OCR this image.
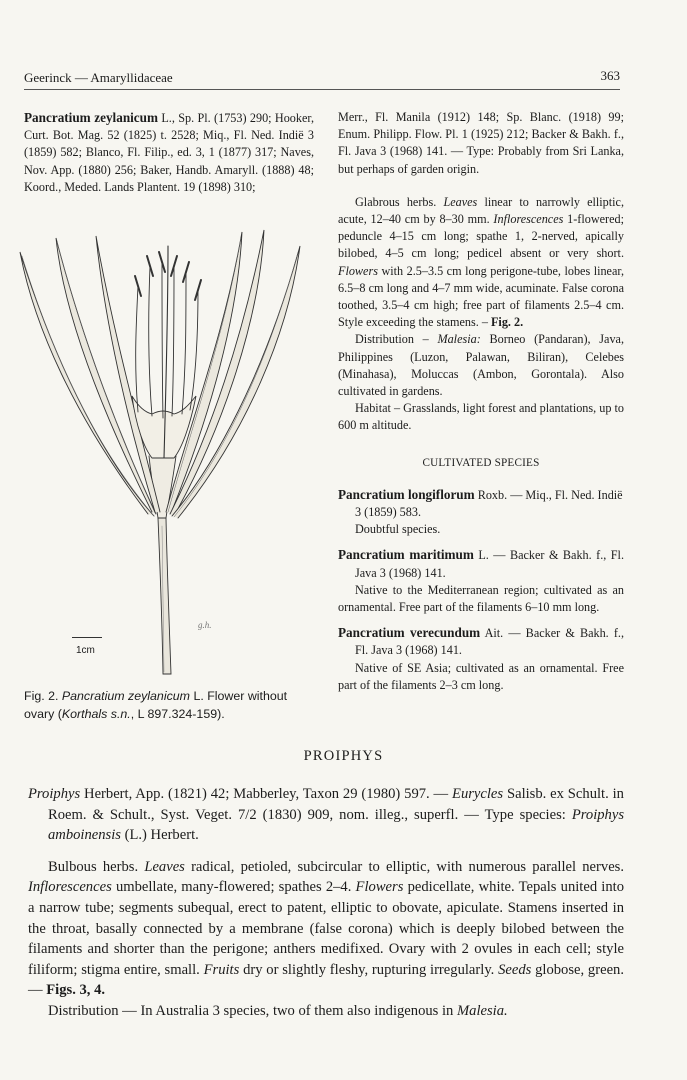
Geerinck — Amaryllidaceae	363

Pancratium zeylanicum L., Sp. Pl. (1753) 290; Hooker, Curt. Bot. Mag. 52 (1825) t. 2528; Miq., Fl. Ned. Indië 3 (1859) 582; Blanco, Fl. Filip., ed. 3, 1 (1877) 317; Naves, Nov. App. (1880) 256; Baker, Handb. Amaryll. (1888) 48; Koord., Meded. Lands Plantent. 19 (1898) 310;

1cm
g.h.
Fig. 2. Pancratium zeylanicum L. Flower without ovary (Korthals s.n., L 897.324-159).

Merr., Fl. Manila (1912) 148; Sp. Blanc. (1918) 99; Enum. Philipp. Flow. Pl. 1 (1925) 212; Backer & Bakh. f., Fl. Java 3 (1968) 141. — Type: Probably from Sri Lanka, but perhaps of garden origin.

Glabrous herbs. Leaves linear to narrowly elliptic, acute, 12–40 cm by 8–30 mm. Inflorescences 1-flowered; peduncle 4–15 cm long; spathe 1, 2-nerved, apically bilobed, 4–5 cm long; pedicel absent or very short. Flowers with 2.5–3.5 cm long perigone-tube, lobes linear, 6.5–8 cm long and 4–7 mm wide, acuminate. False corona toothed, 3.5–4 cm high; free part of filaments 2.5–4 cm. Style exceeding the stamens. – Fig. 2.

Distribution – Malesia: Borneo (Pandaran), Java, Philippines (Luzon, Palawan, Biliran), Celebes (Minahasa), Moluccas (Ambon, Gorontala). Also cultivated in gardens.

Habitat – Grasslands, light forest and plantations, up to 600 m altitude.

CULTIVATED SPECIES

Pancratium longiflorum Roxb. — Miq., Fl. Ned. Indië 3 (1859) 583.

Doubtful species.

Pancratium maritimum L. — Backer & Bakh. f., Fl. Java 3 (1968) 141.

Native to the Mediterranean region; cultivated as an ornamental. Free part of the filaments 6–10 mm long.

Pancratium verecundum Ait. — Backer & Bakh. f., Fl. Java 3 (1968) 141.

Native of SE Asia; cultivated as an ornamental. Free part of the filaments 2–3 cm long.

PROIPHYS

Proiphys Herbert, App. (1821) 42; Mabberley, Taxon 29 (1980) 597. — Eurycles Salisb. ex Schult. in Roem. & Schult., Syst. Veget. 7/2 (1830) 909, nom. illeg., superfl. — Type species: Proiphys amboinensis (L.) Herbert.

Bulbous herbs. Leaves radical, petioled, subcircular to elliptic, with numerous parallel nerves. Inflorescences umbellate, many-flowered; spathes 2–4. Flowers pedicellate, white. Tepals united into a narrow tube; segments subequal, erect to patent, elliptic to obovate, apiculate. Stamens inserted in the throat, basally connected by a membrane (false corona) which is deeply bilobed between the filaments and shorter than the perigone; anthers medifixed. Ovary with 2 ovules in each cell; style filiform; stigma entire, small. Fruits dry or slightly fleshy, rupturing irregularly. Seeds globose, green. — Figs. 3, 4.

Distribution — In Australia 3 species, two of them also indigenous in Malesia.
